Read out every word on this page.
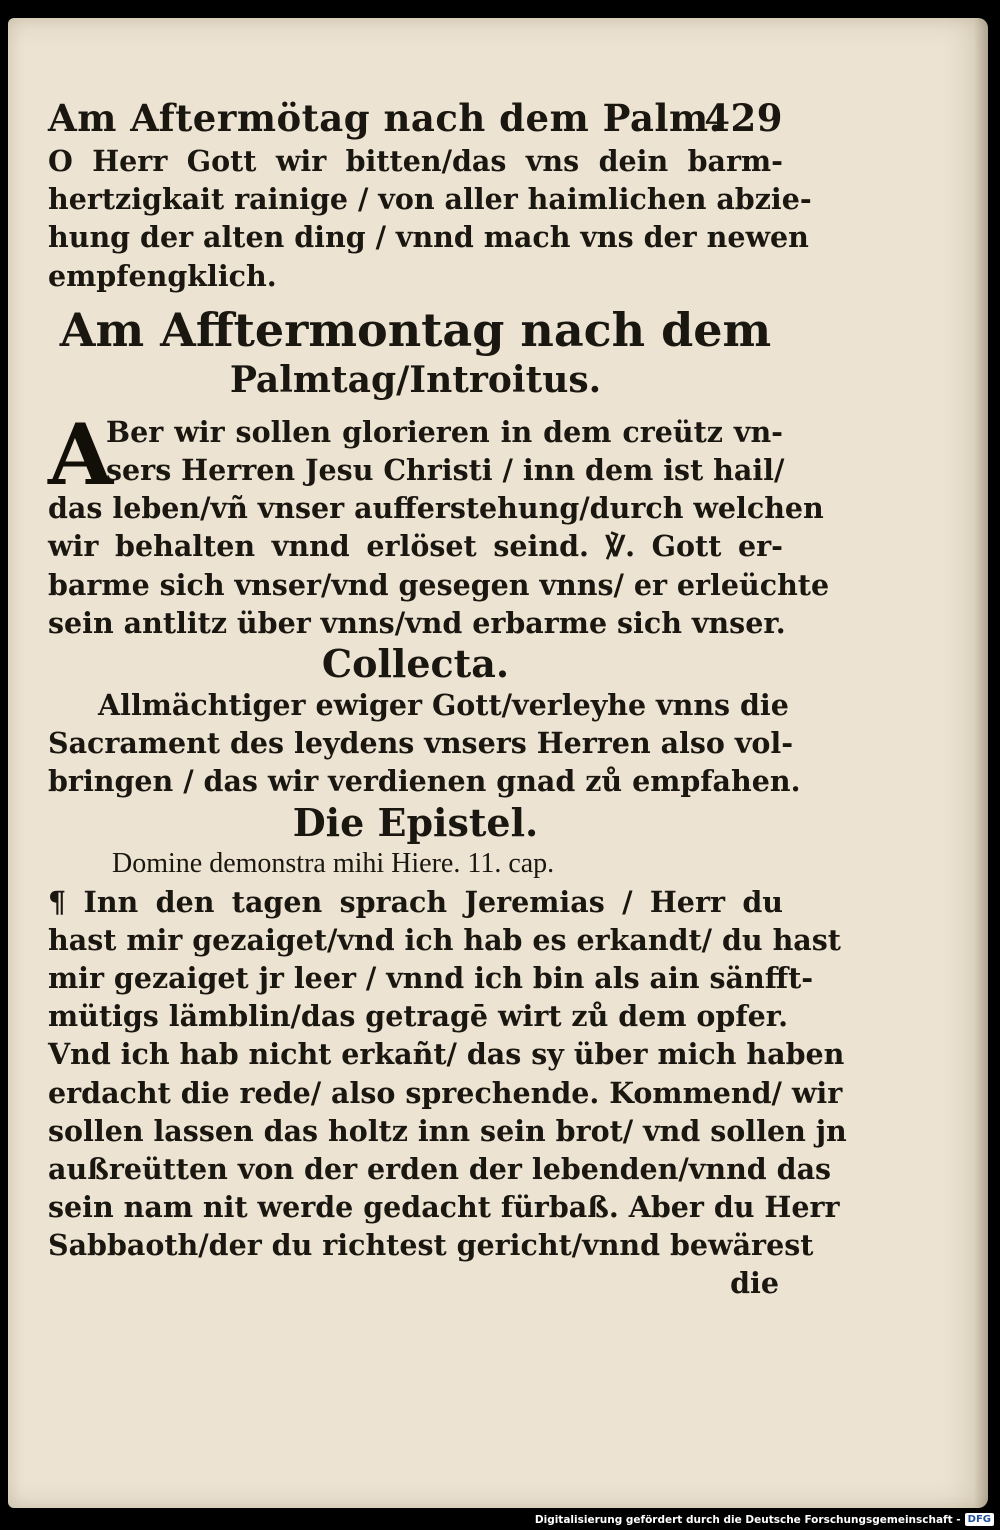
Am Aftermötag nach dem Palm.
429

O Herr Gott wir bitten/das vns dein barm-

hertzigkait rainige / von aller haimlichen abzie-

hung der alten ding / vnnd mach vns der newen

empfengklich.

Am Afftermontag nach dem
Palmtag/Introitus.
A

Ber wir sollen glorieren in dem creütz vn-

sers Herren Jesu Christi / inn dem ist hail/

das leben/vñ vnser aufferstehung/durch welchen

wir behalten vnnd erlöset seind. ℣. Gott er-

barme sich vnser/vnd gesegen vnns/ er erleüchte

sein antlitz über vnns/vnd erbarme sich vnser.

Collecta.

Allmächtiger ewiger Gott/verleyhe vnns die

Sacrament des leydens vnsers Herren also vol-

bringen / das wir verdienen gnad zů empfahen.

Die Epistel.
Domine demonstra mihi Hiere. 11. cap.

¶ Inn den tagen sprach Jeremias / Herr du

hast mir gezaiget/vnd ich hab es erkandt/ du hast

mir gezaiget jr leer / vnnd ich bin als ain sänfft-

mütigs lämblin/das getragē wirt zů dem opfer.

Vnd ich hab nicht erkañt/ das sy über mich haben

erdacht die rede/ also sprechende. Kommend/ wir

sollen lassen das holtz inn sein brot/ vnd sollen jn

außreütten von der erden der lebenden/vnnd das

sein nam nit werde gedacht fürbaß. Aber du Herr

Sabbaoth/der du richtest gericht/vnnd bewärest

die
Digitalisierung gefördert durch die Deutsche Forschungsgemeinschaft - DFG
